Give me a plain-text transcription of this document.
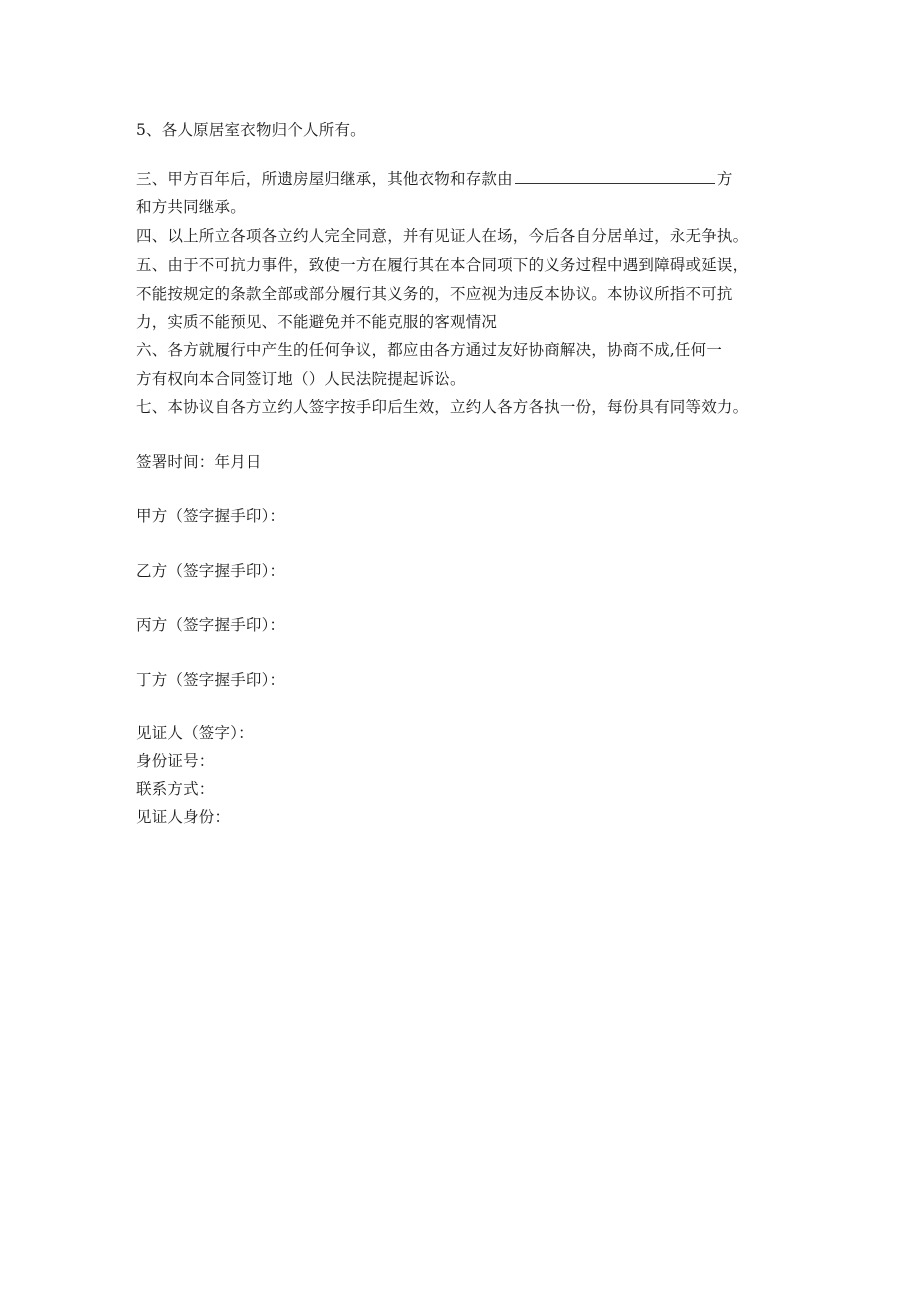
5、各人原居室衣物归个人所有。
三、甲方百年后，所遗房屋归继承，其他衣物和存款由	方
和方共同继承。
四、以上所立各项各立约人完全同意，并有见证人在场，今后各自分居单过，永无争执。
五、由于不可抗力事件，致使一方在履行其在本合同项下的义务过程中遇到障碍或延误，
不能按规定的条款全部或部分履行其义务的，不应视为违反本协议。本协议所指不可抗
力，实质不能预见、不能避免并不能克服的客观情况
六、各方就履行中产生的任何争议，都应由各方通过友好协商解决，协商不成,任何一
方有权向本合同签订地（）人民法院提起诉讼。
七、本协议自各方立约人签字按手印后生效，立约人各方各执一份，每份具有同等效力。
签署时间：年月日
甲方（签字握手印）：
乙方（签字握手印）：
丙方（签字握手印）：
丁方（签字握手印）：
见证人（签字）：
身份证号：
联系方式：
见证人身份：
